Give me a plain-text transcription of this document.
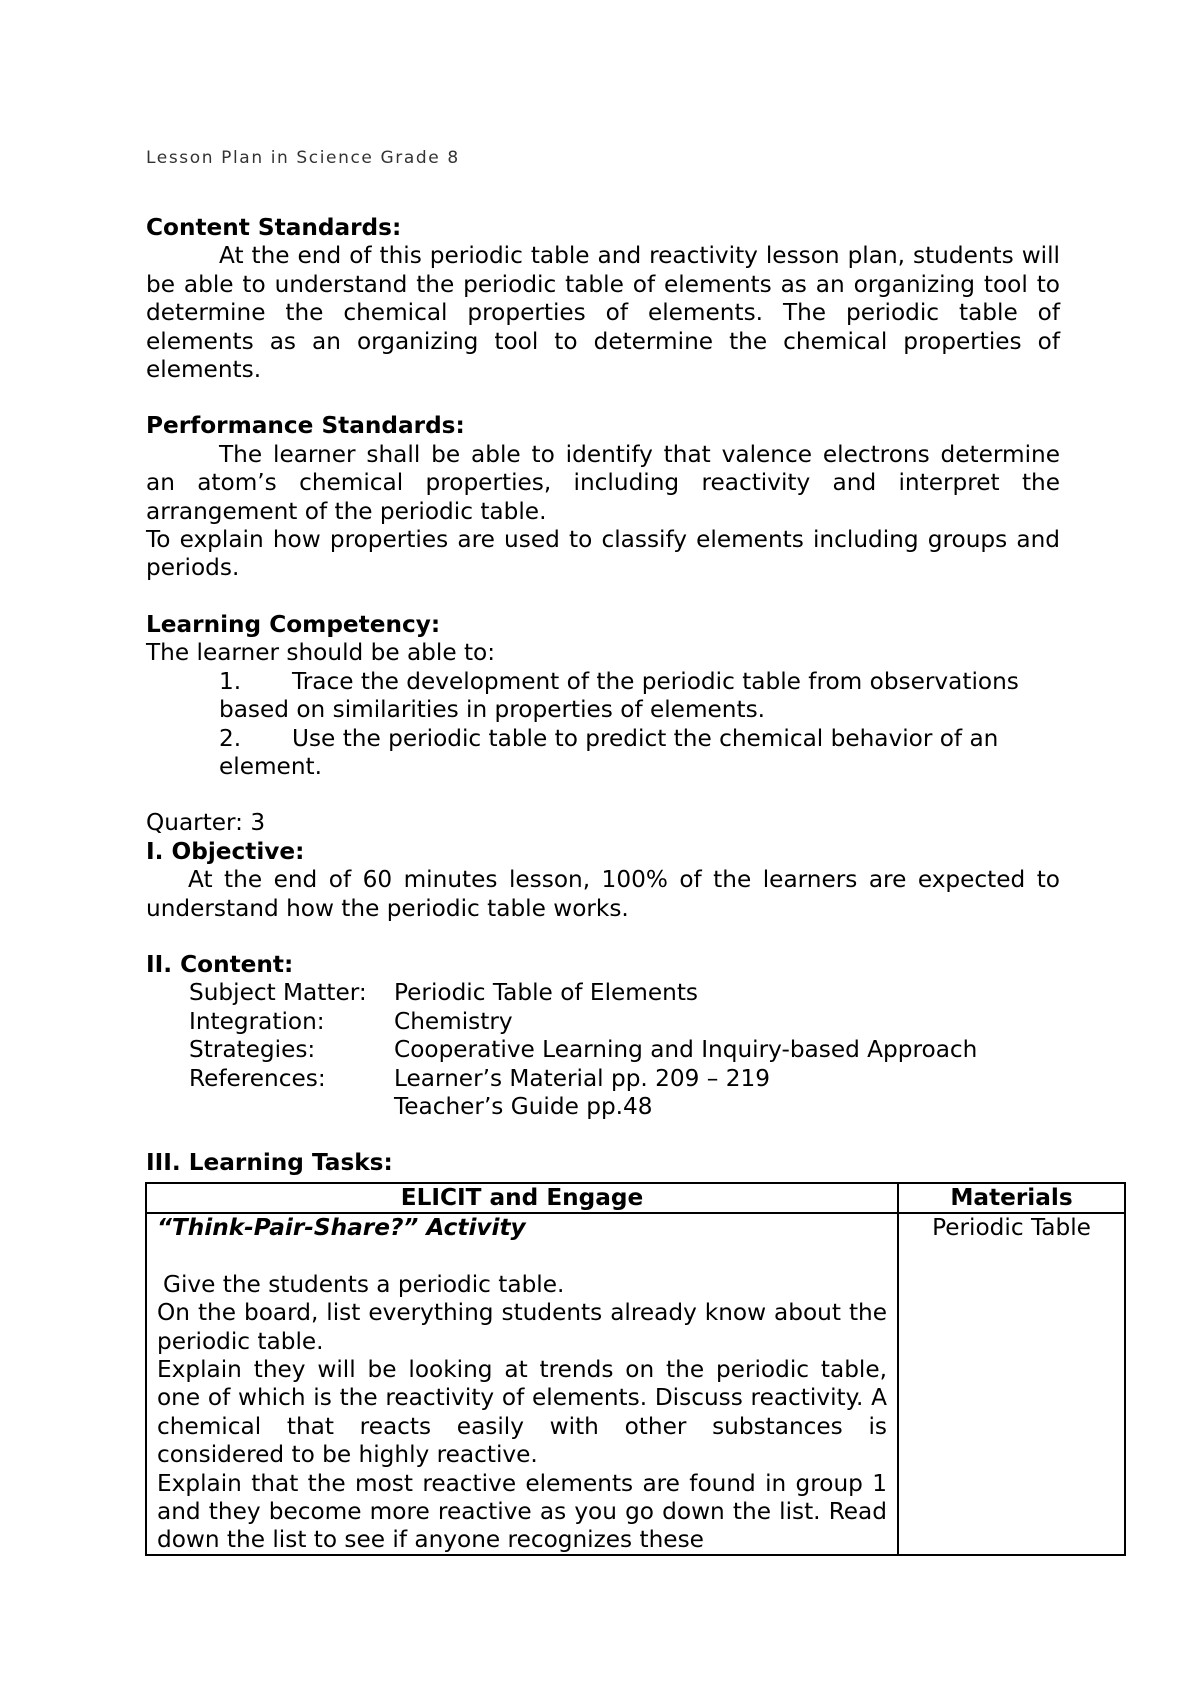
Lesson Plan in Science Grade 8

Content Standards:

At the end of this periodic table and reactivity lesson plan, students will be able to understand the periodic table of elements as an organizing tool to determine the chemical properties of elements. The periodic table of elements as an organizing tool to determine the chemical properties of elements.

Performance Standards:

The learner shall be able to identify that valence electrons determine an atom’s chemical properties, including reactivity and interpret the arrangement of the periodic table.

To explain how properties are used to classify elements including groups and periods.

Learning Competency:

The learner should be able to:

1. Trace the development of the periodic table from observations
based on similarities in properties of elements.
2. Use the periodic table to predict the chemical behavior of an
element.

Quarter: 3

I. Objective:

At the end of 60 minutes lesson, 100% of the learners are expected to understand how the periodic table works.

II. Content:

Subject Matter:	Periodic Table of Elements
Integration:	Chemistry
Strategies:	Cooperative Learning and Inquiry-based Approach
References:	Learner’s Material pp. 209 – 219
Teacher’s Guide pp.48

III. Learning Tasks:

ELICIT and Engage	Materials

“Think-Pair-Share?” Activity
Give the students a periodic table.
On the board, list everything students already know about the periodic table.
Explain they will be looking at trends on the periodic table, one of which is the reactivity of elements. Discuss reactivity. A chemical that reacts easily with other substances is considered to be highly reactive.
Explain that the most reactive elements are found in group 1 and they become more reactive as you go down the list. Read down the list to see if anyone recognizes these	Periodic Table
